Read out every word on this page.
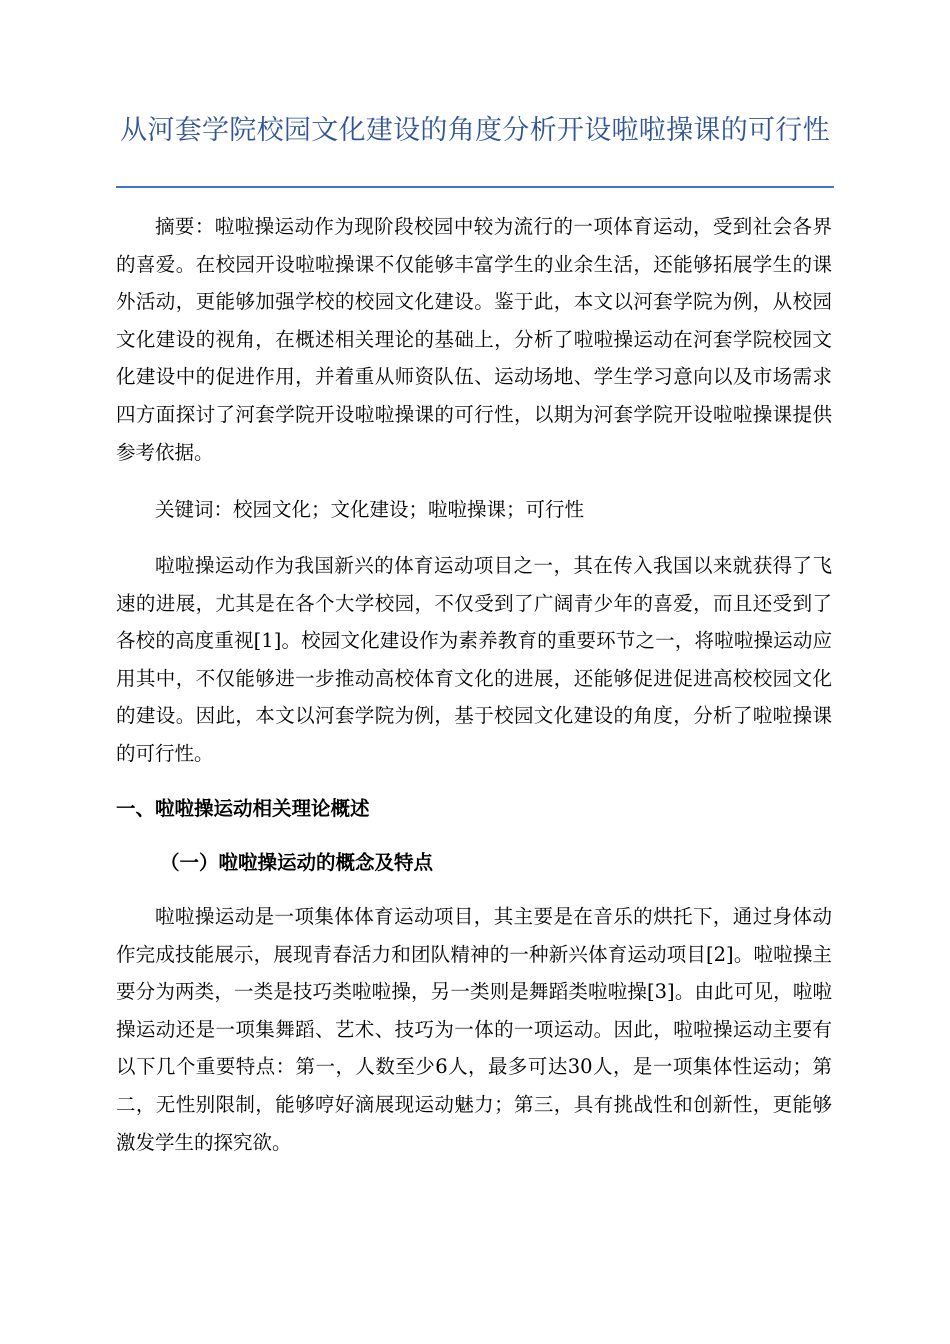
从河套学院校园文化建设的角度分析开设啦啦操课的可行性

摘要：啦啦操运动作为现阶段校园中较为流行的一项体育运动，受到社会各界的喜爱。在校园开设啦啦操课不仅能够丰富学生的业余生活，还能够拓展学生的课外活动，更能够加强学校的校园文化建设。鉴于此，本文以河套学院为例，从校园文化建设的视角，在概述相关理论的基础上，分析了啦啦操运动在河套学院校园文化建设中的促进作用，并着重从师资队伍、运动场地、学生学习意向以及市场需求四方面探讨了河套学院开设啦啦操课的可行性，以期为河套学院开设啦啦操课提供参考依据。

关键词：校园文化；文化建设；啦啦操课；可行性

啦啦操运动作为我国新兴的体育运动项目之一，其在传入我国以来就获得了飞速的进展，尤其是在各个大学校园，不仅受到了广阔青少年的喜爱，而且还受到了各校的高度重视[1]。校园文化建设作为素养教育的重要环节之一，将啦啦操运动应用其中，不仅能够进一步推动高校体育文化的进展，还能够促进促进高校校园文化的建设。因此，本文以河套学院为例，基于校园文化建设的角度，分析了啦啦操课的可行性。

一、啦啦操运动相关理论概述
（一）啦啦操运动的概念及特点

啦啦操运动是一项集体体育运动项目，其主要是在音乐的烘托下，通过身体动作完成技能展示，展现青春活力和团队精神的一种新兴体育运动项目[2]。啦啦操主要分为两类，一类是技巧类啦啦操，另一类则是舞蹈类啦啦操[3]。由此可见，啦啦操运动还是一项集舞蹈、艺术、技巧为一体的一项运动。因此，啦啦操运动主要有以下几个重要特点：第一，人数至少6人，最多可达30人，是一项集体性运动；第二，无性别限制，能够哼好滴展现运动魅力；第三，具有挑战性和创新性，更能够激发学生的探究欲。
